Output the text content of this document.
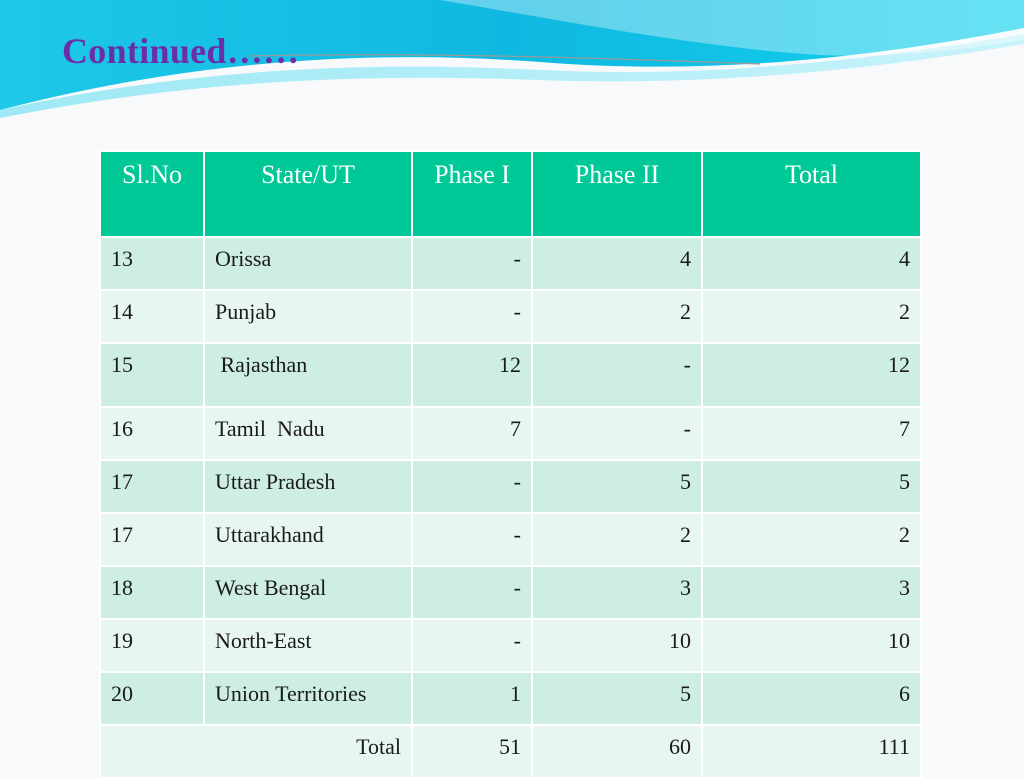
Continued……
Sl.No	State/UT	Phase I	Phase II	Total
13	Orissa	-	4	4
14	Punjab	-	2	2
15	Rajasthan	12	-	12
16	Tamil  Nadu	7	-	7
17	Uttar Pradesh	-	5	5
17	Uttarakhand	-	2	2
18	West Bengal	-	3	3
19	North-East	-	10	10
20	Union Territories	1	5	6
Total		51	60	111
